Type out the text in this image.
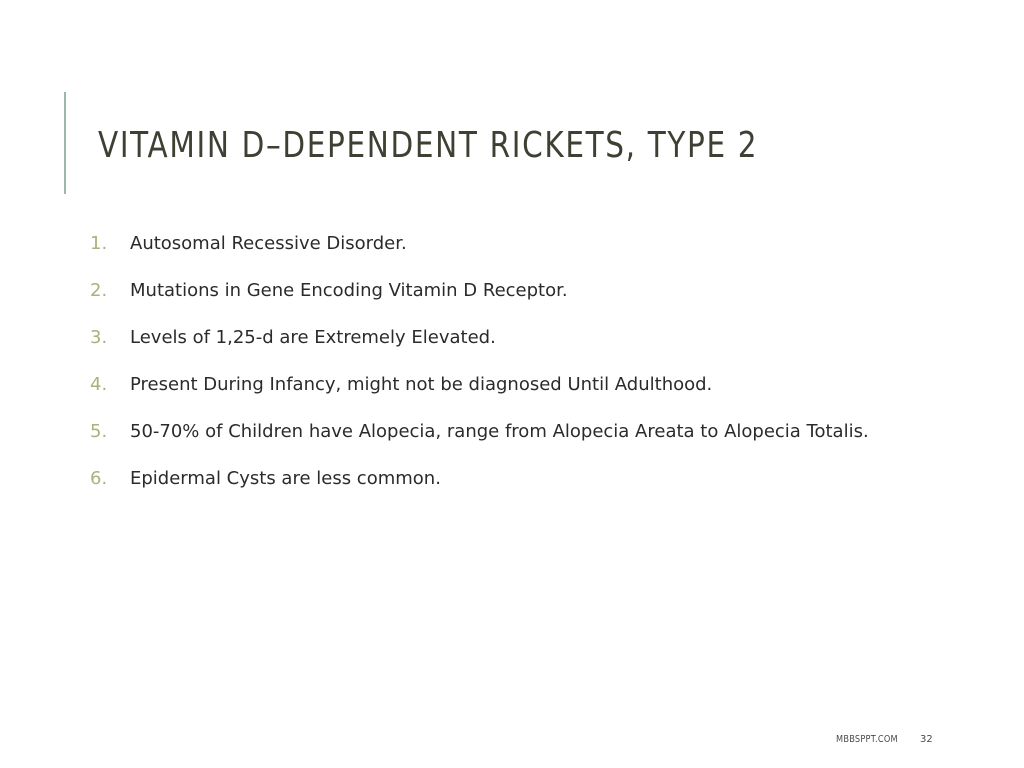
VITAMIN D–DEPENDENT RICKETS, TYPE 2
1. Autosomal Recessive Disorder.
2. Mutations in Gene Encoding Vitamin D Receptor.
3. Levels of 1,25-d are Extremely Elevated.
4. Present During Infancy, might not be diagnosed Until Adulthood.
5. 50-70% of Children have Alopecia, range from Alopecia Areata to Alopecia Totalis.
6. Epidermal Cysts are less common.
MBBSPPT.COM 32
